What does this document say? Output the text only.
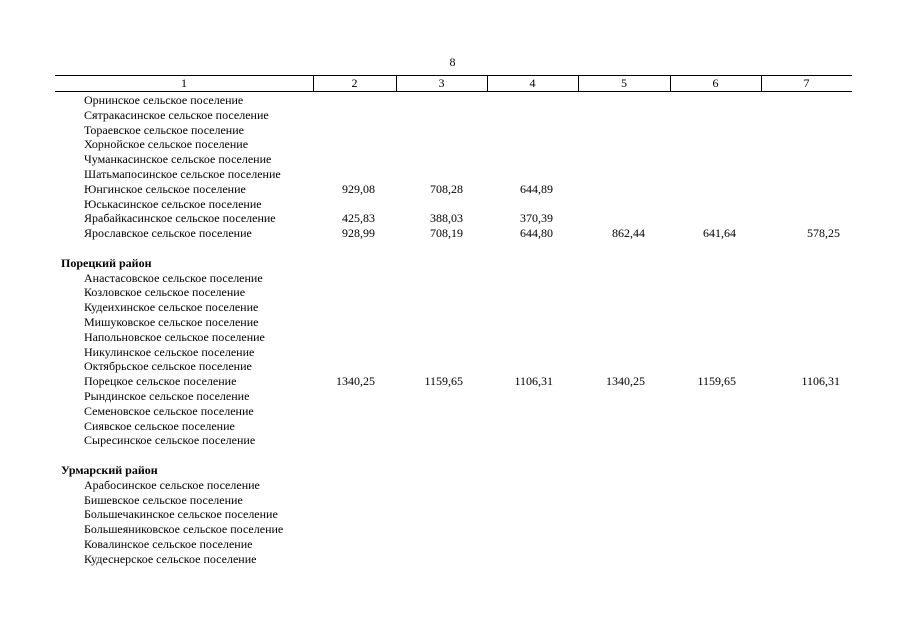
8
1	2	3	4	5	6	7
Орнинское сельское поселение
Сятракасинское сельское поселение
Тораевское сельское поселение
Хорнойское сельское поселение
Чуманкасинское сельское поселение
Шатьмапосинское сельское поселение
Юнгинское сельское поселение	929,08	708,28	644,89
Юськасинское сельское поселение
Ярабайкасинское сельское поселение	425,83	388,03	370,39
Ярославское сельское поселение	928,99	708,19	644,80	862,44	641,64	578,25
Порецкий район
Анастасовское сельское поселение
Козловское сельское поселение
Кудеихинское сельское поселение
Мишуковское сельское поселение
Напольновское сельское поселение
Никулинское сельское поселение
Октябрьское сельское поселение
Порецкое сельское поселение	1340,25	1159,65	1106,31	1340,25	1159,65	1106,31
Рындинское сельское поселение
Семеновское сельское поселение
Сиявское сельское поселение
Сыресинское сельское поселение
Урмарский район
Арабосинское сельское поселение
Бишевское сельское поселение
Большечакинское сельское поселение
Большеяниковское сельское поселение
Ковалинское сельское поселение
Кудеснерское сельское поселение
